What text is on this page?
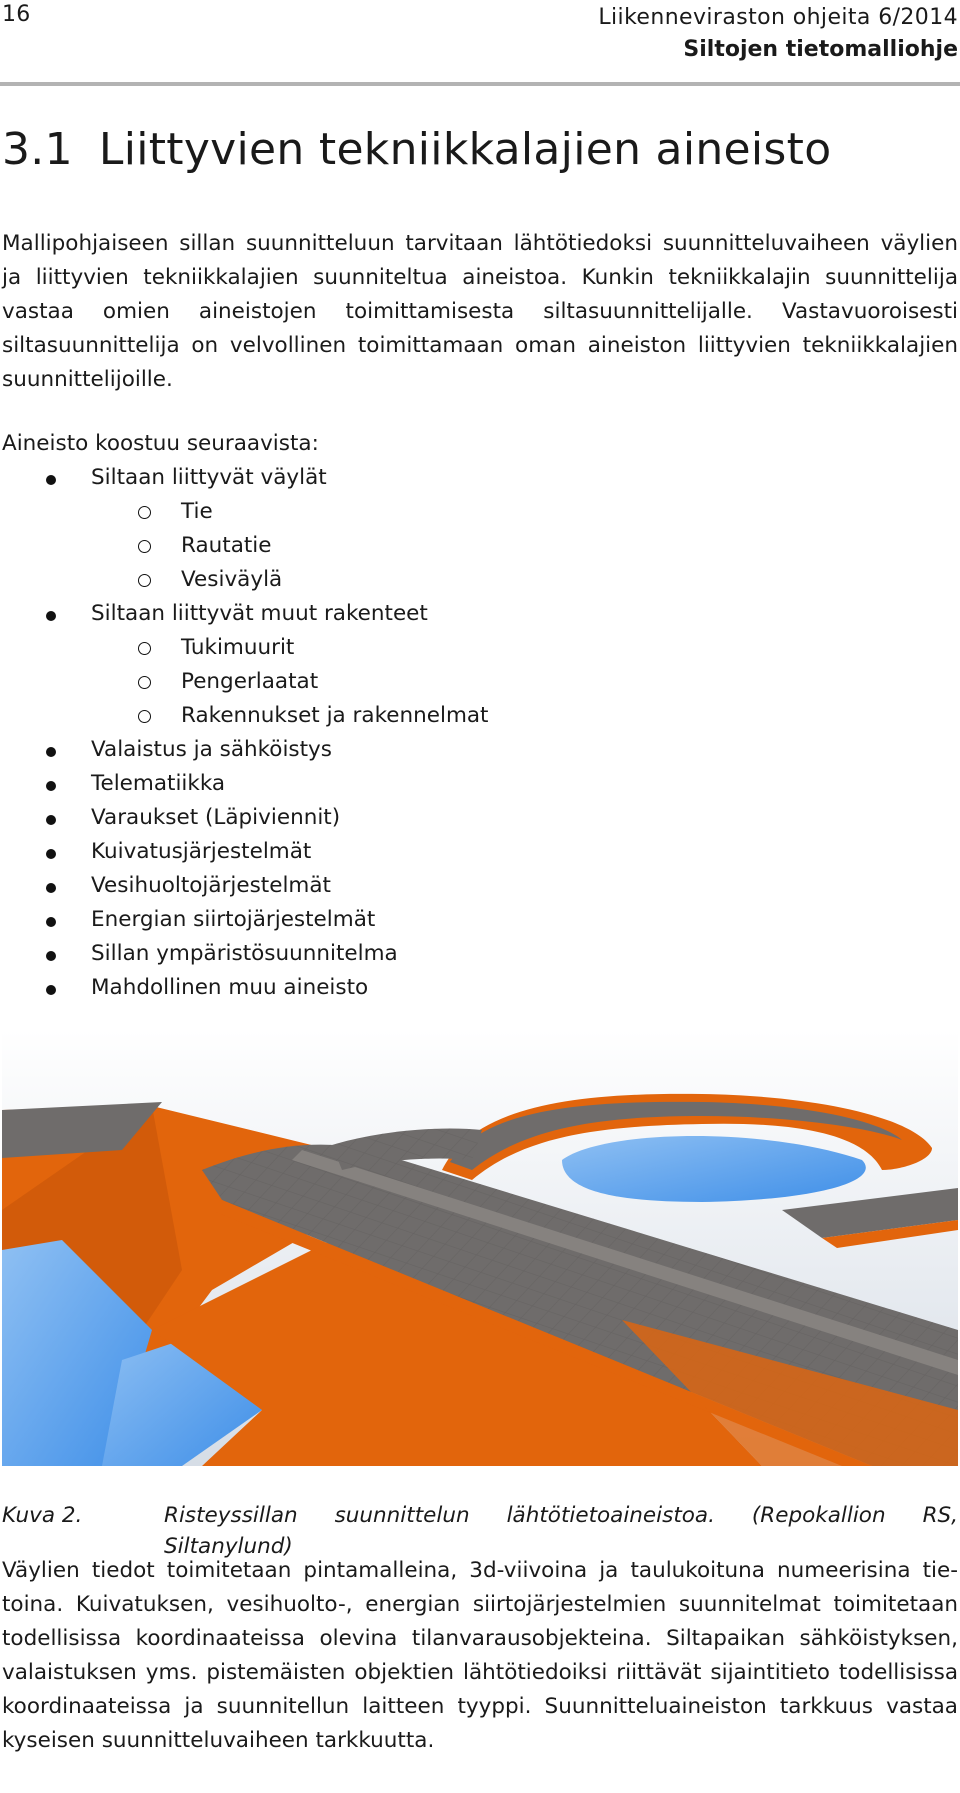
16	Liikenneviraston ohjeita 6/2014
Siltojen tietomalliohje
3.1 Liittyvien tekniikkalajien aineisto

Mallipohjaiseen sillan suunnitteluun tarvitaan lähtötiedoksi suunnitteluvaiheen väylien ja liittyvien tekniikkalajien suunniteltua aineistoa. Kunkin tekniikkalajin suunnittelija vastaa omien aineistojen toimittamisesta siltasuunnittelijalle. Vastavuoroisesti siltasuunnittelija on velvollinen toimittamaan oman aineiston liittyvien tekniikkalajien suunnittelijoille.

Aineisto koostuu seuraavista:

Siltaan liittyvät väylät
Tie
Rautatie
Vesiväylä
Siltaan liittyvät muut rakenteet
Tukimuurit
Pengerlaatat
Rakennukset ja rakennelmat
Valaistus ja sähköistys
Telematiikka
Varaukset (Läpiviennit)
Kuivatusjärjestelmät
Vesihuoltojärjestelmät
Energian siirtojärjestelmät
Sillan ympäristösuunnitelma
Mahdollinen muu aineisto
Kuva 2.	Risteyssillan suunnittelun lähtötietoaineistoa. (Repokallion RS, Siltanylund)

Väylien tiedot toimitetaan pintamalleina, 3d-viivoina ja taulukoituna numeerisina tietoina. Kuivatuksen, vesihuolto-, energian siirtojärjestelmien suunnitelmat toimitetaan todellisissa koordinaateissa olevina tilanvarausobjekteina. Siltapaikan sähköistyksen, valaistuksen yms. pistemäisten objektien lähtötiedoiksi riittävät sijaintitieto todellisissa koordinaateissa ja suunnitellun laitteen tyyppi. Suunnitteluaineiston tarkkuus vastaa kyseisen suunnitteluvaiheen tarkkuutta.
